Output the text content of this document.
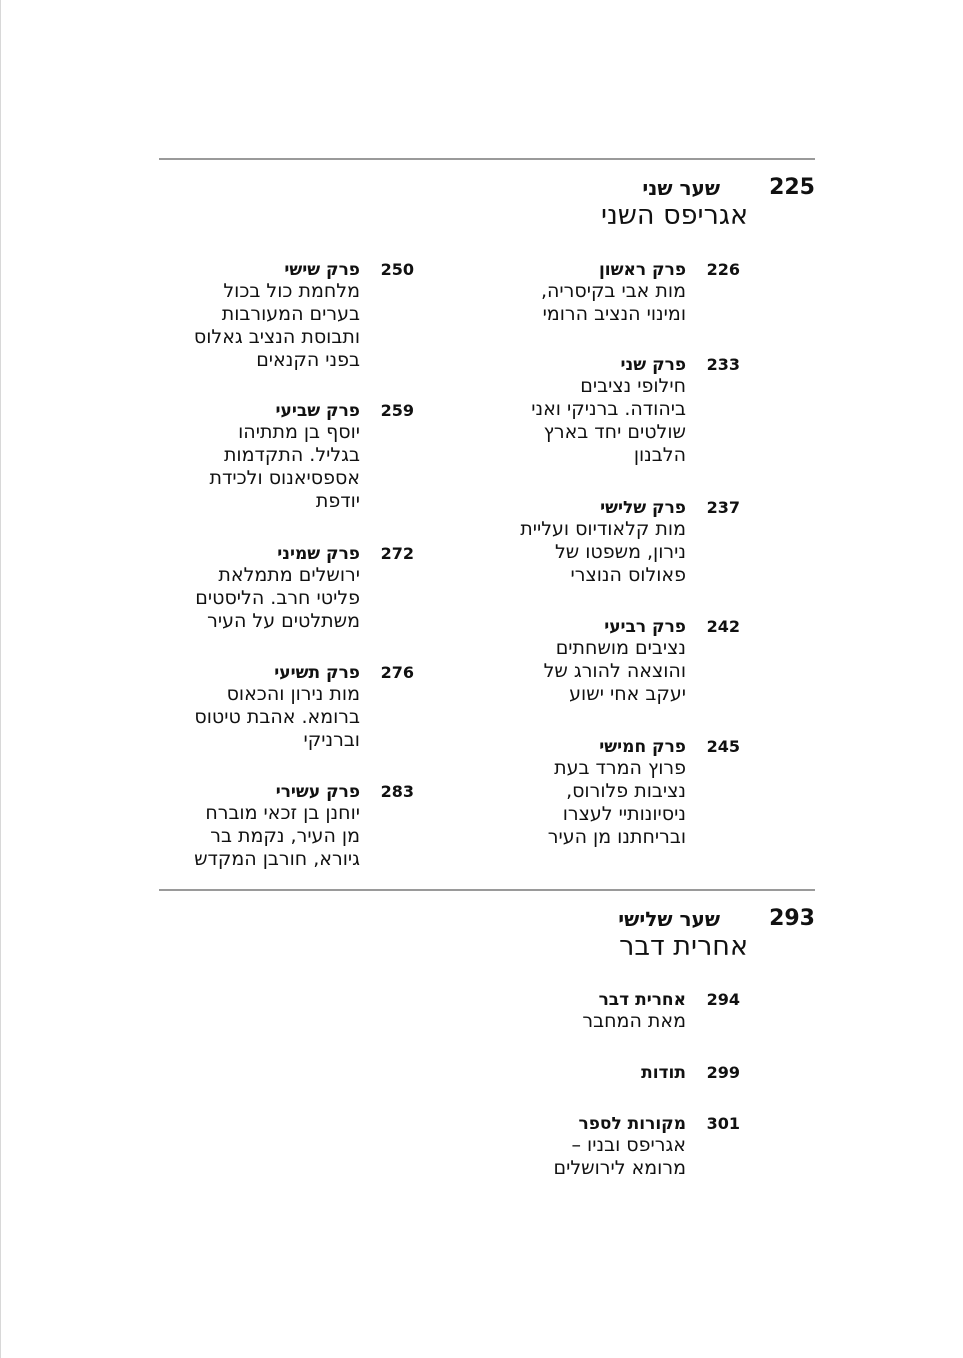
225
שער שני
אגריפס השני
226
פרק ראשון
מות אבי בקיסריה,
ומינוי הנציב הרומי
233
פרק שני
חילופי נציבים
ביהודה. ברניקי ואני
שולטים יחד בארץ
הלבנון
237
פרק שלישי
מות קלאודיוס ועליית
נירון, משפטו של
פאולוס הנוצרי
242
פרק רביעי
נציבים מושחתים
והוצאה להורג של
יעקב אחי ישוע
245
פרק חמישי
פרוץ המרד בעת
נציבות פלורוס,
ניסיונותיי לעצרו
ובריחתנו מן העיר
250
פרק שישי
מלחמת כול בכול
בערים המעורבות
ותבוסת הנציב גאלוס
בפני הקנאים
259
פרק שביעי
יוסף בן מתתיהו
בגליל. התקדמות
אספסיאנוס ולכידת
יודפת
272
פרק שמיני
ירושלים מתמלאת
פליטי חרב. הליסטים
משתלטים על העיר
276
פרק תשיעי
מות נירון והכאוס
ברומא. אהבת טיטוס
וברניקי
283
פרק עשירי
יוחנן בן זכאי מוברח
מן העיר, נקמת בר
גיורא, חורבן המקדש
293
שער שלישי
אחרית דבר
294
אחרית דבר
מאת המחבר
299
תודות
301
מקורות לספר
אגריפס ובניו –
מרומא לירושלים
